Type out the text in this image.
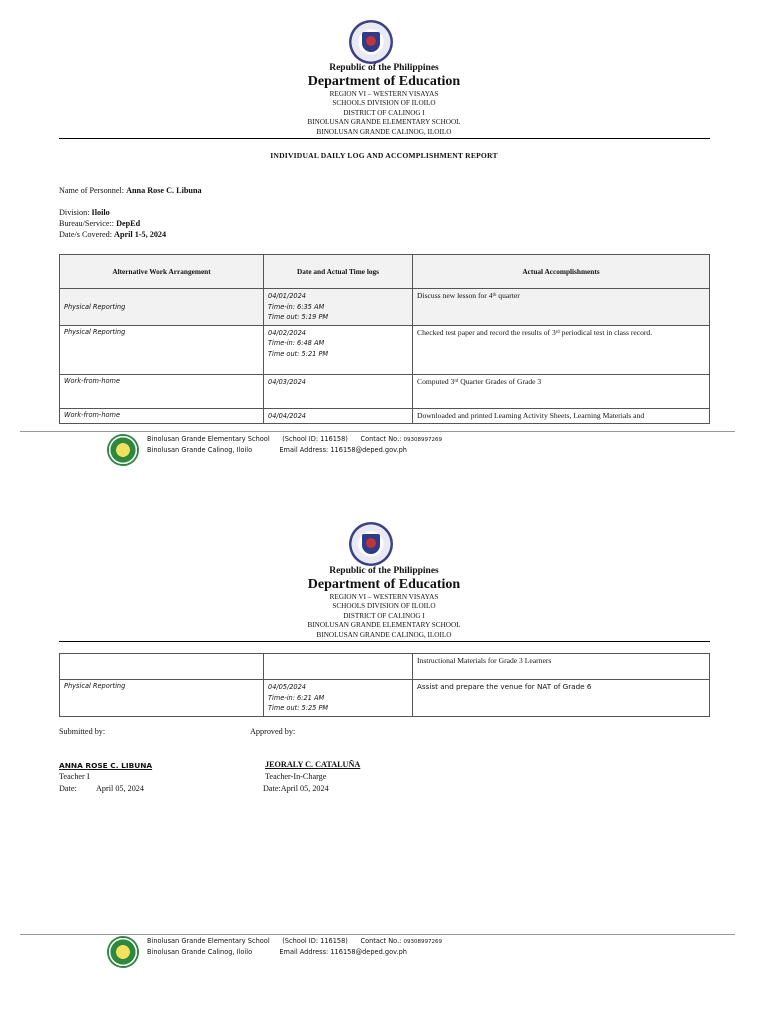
Republic of the Philippines
Department of Education
REGION VI – WESTERN VISAYAS
SCHOOLS DIVISION OF ILOILO
DISTRICT OF CALINOG I
BINOLUSAN GRANDE ELEMENTARY SCHOOL
BINOLUSAN GRANDE CALINOG, ILOILO
INDIVIDUAL DAILY LOG AND ACCOMPLISHMENT REPORT
Name of Personnel: Anna Rose C. Libuna
Division: Iloilo
Bureau/Service:: DepEd
Date/s Covered: April 1-5, 2024
Alternative Work Arrangement	Date and Actual Time logs	Actual Accomplishments
Physical Reporting	04/01/2024
Time-in: 6:35 AM
Time out: 5:19 PM	Discuss new lesson for 4ᵗʰ quarter
Physical Reporting	04/02/2024
Time-in: 6:48 AM
Time out: 5:21 PM	Checked test paper and record the results of 3ʳᵈ periodical test in class record.
Work-from-home	04/03/2024	Computed 3ʳᵈ Quarter Grades of Grade 3
Work-from-home	04/04/2024	Downloaded and printed Learning Activity Sheets, Learning Materials and
Binolusan Grande Elementary School (School ID: 116158) Contact No.: 09308997269
Binolusan Grande Calinog, Iloilo	Email Address: 116158@deped.gov.ph
Republic of the Philippines
Department of Education
REGION VI – WESTERN VISAYAS
SCHOOLS DIVISION OF ILOILO
DISTRICT OF CALINOG I
BINOLUSAN GRANDE ELEMENTARY SCHOOL
BINOLUSAN GRANDE CALINOG, ILOILO
		Instructional Materials for Grade 3 Learners
Physical Reporting	04/05/2024
Time-in: 6:21 AM
Time out: 5:25 PM	Assist and prepare the venue for NAT of Grade 6
Submitted by:	Approved by:
ANNA ROSE C. LIBUNA	JEORALY C. CATALUÑA
Teacher I	Teacher-In-Charge
Date: April 05, 2024	Date:April 05, 2024
Binolusan Grande Elementary School (School ID: 116158) Contact No.: 09308997269
Binolusan Grande Calinog, Iloilo	Email Address: 116158@deped.gov.ph
